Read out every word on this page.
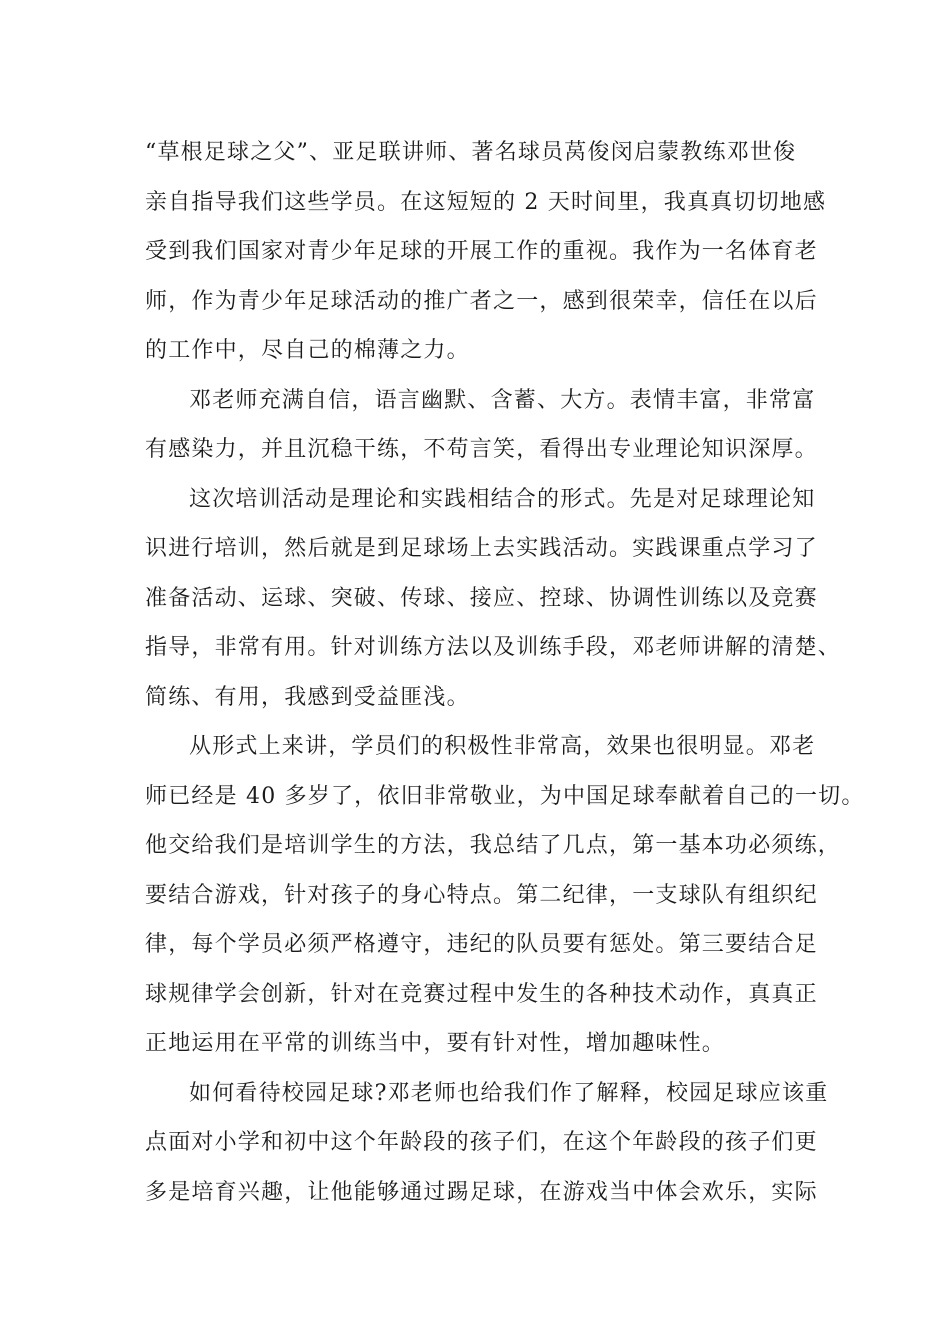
“草根足球之父”、亚足联讲师、著名球员莴俊闵启蒙教练邓世俊
亲自指导我们这些学员。在这短短的 2 天时间里，我真真切切地感
受到我们国家对青少年足球的开展工作的重视。我作为一名体育老
师，作为青少年足球活动的推广者之一，感到很荣幸，信任在以后
的工作中，尽自己的棉薄之力。
邓老师充满自信，语言幽默、含蓄、大方。表情丰富，非常富
有感染力，并且沉稳干练，不苟言笑，看得出专业理论知识深厚。
这次培训活动是理论和实践相结合的形式。先是对足球理论知
识进行培训，然后就是到足球场上去实践活动。实践课重点学习了
准备活动、运球、突破、传球、接应、控球、协调性训练以及竞赛
指导，非常有用。针对训练方法以及训练手段，邓老师讲解的清楚、
简练、有用，我感到受益匪浅。
从形式上来讲，学员们的积极性非常高，效果也很明显。邓老
师已经是 40 多岁了，依旧非常敬业，为中国足球奉献着自己的一切。
他交给我们是培训学生的方法，我总结了几点，第一基本功必须练，
要结合游戏，针对孩子的身心特点。第二纪律，一支球队有组织纪
律，每个学员必须严格遵守，违纪的队员要有惩处。第三要结合足
球规律学会创新，针对在竞赛过程中发生的各种技术动作，真真正
正地运用在平常的训练当中，要有针对性，增加趣味性。
如何看待校园足球?邓老师也给我们作了解释，校园足球应该重
点面对小学和初中这个年龄段的孩子们，在这个年龄段的孩子们更
多是培育兴趣，让他能够通过踢足球，在游戏当中体会欢乐，实际
